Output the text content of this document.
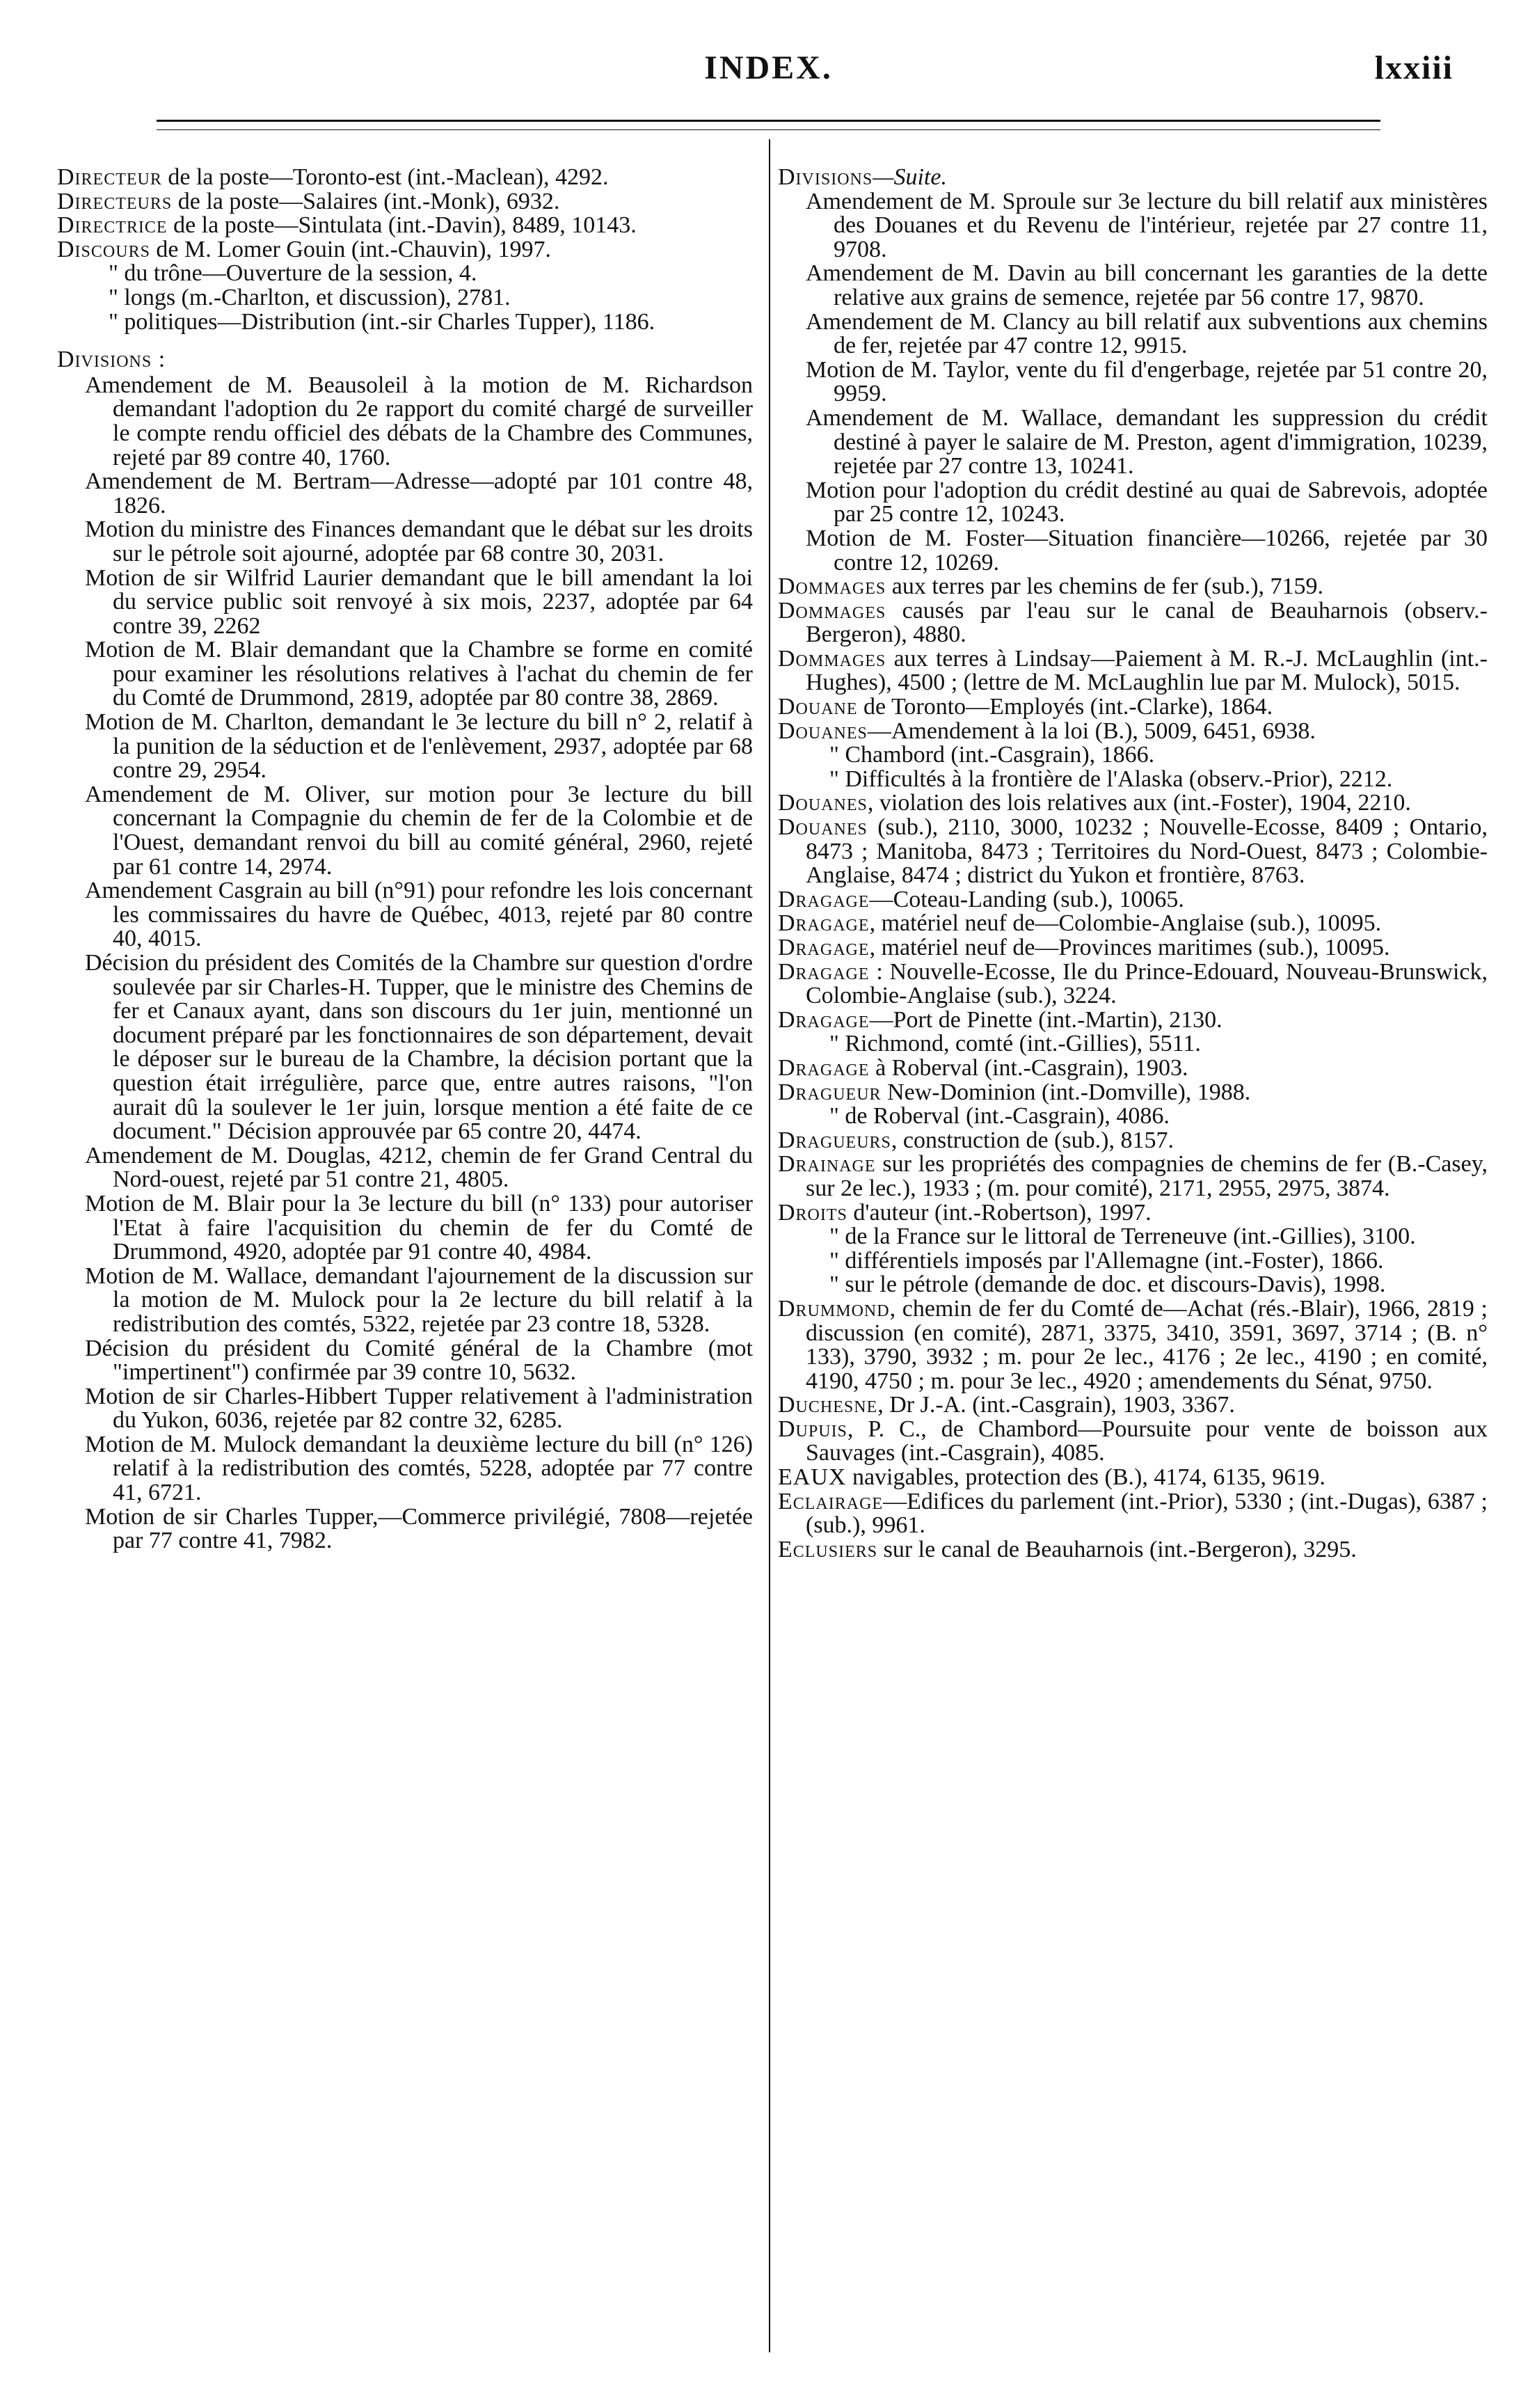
INDEX.	lxxiii
Directeur de la poste—Toronto-est (int.-Maclean), 4292.
Directeurs de la poste—Salaires (int.-Monk), 6932.
Directrice de la poste—Sintulata (int.-Davin), 8489, 10143.
Discours de M. Lomer Gouin (int.-Chauvin), 1997.
" du trône—Ouverture de la session, 4.
" longs (m.-Charlton, et discussion), 2781.
" politiques—Distribution (int.-sir Charles Tupper), 1186.
Divisions :
Amendement de M. Beausoleil à la motion de M. Richardson demandant l'adoption du 2e rapport du comité chargé de surveiller le compte rendu officiel des débats de la Chambre des Communes, rejeté par 89 contre 40, 1760.
Amendement de M. Bertram—Adresse—adopté par 101 contre 48, 1826.
Motion du ministre des Finances demandant que le débat sur les droits sur le pétrole soit ajourné, adoptée par 68 contre 30, 2031.
Motion de sir Wilfrid Laurier demandant que le bill amendant la loi du service public soit renvoyé à six mois, 2237, adoptée par 64 contre 39, 2262
Motion de M. Blair demandant que la Chambre se forme en comité pour examiner les résolutions relatives à l'achat du chemin de fer du Comté de Drummond, 2819, adoptée par 80 contre 38, 2869.
Motion de M. Charlton, demandant le 3e lecture du bill n° 2, relatif à la punition de la séduction et de l'enlèvement, 2937, adoptée par 68 contre 29, 2954.
Amendement de M. Oliver, sur motion pour 3e lecture du bill concernant la Compagnie du chemin de fer de la Colombie et de l'Ouest, demandant renvoi du bill au comité général, 2960, rejeté par 61 contre 14, 2974.
Amendement Casgrain au bill (n°91) pour refondre les lois concernant les commissaires du havre de Québec, 4013, rejeté par 80 contre 40, 4015.
Décision du président des Comités de la Chambre sur question d'ordre soulevée par sir Charles-H. Tupper, que le ministre des Chemins de fer et Canaux ayant, dans son discours du 1er juin, mentionné un document préparé par les fonctionnaires de son département, devait le déposer sur le bureau de la Chambre, la décision portant que la question était irrégulière, parce que, entre autres raisons, "l'on aurait dû la soulever le 1er juin, lorsque mention a été faite de ce document." Décision approuvée par 65 contre 20, 4474.
Amendement de M. Douglas, 4212, chemin de fer Grand Central du Nord-ouest, rejeté par 51 contre 21, 4805.
Motion de M. Blair pour la 3e lecture du bill (n° 133) pour autoriser l'Etat à faire l'acquisition du chemin de fer du Comté de Drummond, 4920, adoptée par 91 contre 40, 4984.
Motion de M. Wallace, demandant l'ajournement de la discussion sur la motion de M. Mulock pour la 2e lecture du bill relatif à la redistribution des comtés, 5322, rejetée par 23 contre 18, 5328.
Décision du président du Comité général de la Chambre (mot "impertinent") confirmée par 39 contre 10, 5632.
Motion de sir Charles-Hibbert Tupper relativement à l'administration du Yukon, 6036, rejetée par 82 contre 32, 6285.
Motion de M. Mulock demandant la deuxième lecture du bill (n° 126) relatif à la redistribution des comtés, 5228, adoptée par 77 contre 41, 6721.
Motion de sir Charles Tupper,—Commerce privilégié, 7808—rejetée par 77 contre 41, 7982.
Divisions—Suite.
Amendement de M. Sproule sur 3e lecture du bill relatif aux ministères des Douanes et du Revenu de l'intérieur, rejetée par 27 contre 11, 9708.
Amendement de M. Davin au bill concernant les garanties de la dette relative aux grains de semence, rejetée par 56 contre 17, 9870.
Amendement de M. Clancy au bill relatif aux subventions aux chemins de fer, rejetée par 47 contre 12, 9915.
Motion de M. Taylor, vente du fil d'engerbage, rejetée par 51 contre 20, 9959.
Amendement de M. Wallace, demandant les suppression du crédit destiné à payer le salaire de M. Preston, agent d'immigration, 10239, rejetée par 27 contre 13, 10241.
Motion pour l'adoption du crédit destiné au quai de Sabrevois, adoptée par 25 contre 12, 10243.
Motion de M. Foster—Situation financière—10266, rejetée par 30 contre 12, 10269.
Dommages aux terres par les chemins de fer (sub.), 7159.
Dommages causés par l'eau sur le canal de Beauharnois (observ.-Bergeron), 4880.
Dommages aux terres à Lindsay—Paiement à M. R.-J. McLaughlin (int.-Hughes), 4500 ; (lettre de M. McLaughlin lue par M. Mulock), 5015.
Douane de Toronto—Employés (int.-Clarke), 1864.
Douanes—Amendement à la loi (B.), 5009, 6451, 6938.
" Chambord (int.-Casgrain), 1866.
" Difficultés à la frontière de l'Alaska (observ.-Prior), 2212.
Douanes, violation des lois relatives aux (int.-Foster), 1904, 2210.
Douanes (sub.), 2110, 3000, 10232 ; Nouvelle-Ecosse, 8409 ; Ontario, 8473 ; Manitoba, 8473 ; Territoires du Nord-Ouest, 8473 ; Colombie-Anglaise, 8474 ; district du Yukon et frontière, 8763.
Dragage—Coteau-Landing (sub.), 10065.
Dragage, matériel neuf de—Colombie-Anglaise (sub.), 10095.
Dragage, matériel neuf de—Provinces maritimes (sub.), 10095.
Dragage : Nouvelle-Ecosse, Ile du Prince-Edouard, Nouveau-Brunswick, Colombie-Anglaise (sub.), 3224.
Dragage—Port de Pinette (int.-Martin), 2130.
" Richmond, comté (int.-Gillies), 5511.
Dragage à Roberval (int.-Casgrain), 1903.
Dragueur New-Dominion (int.-Domville), 1988.
" de Roberval (int.-Casgrain), 4086.
Dragueurs, construction de (sub.), 8157.
Drainage sur les propriétés des compagnies de chemins de fer (B.-Casey, sur 2e lec.), 1933 ; (m. pour comité), 2171, 2955, 2975, 3874.
Droits d'auteur (int.-Robertson), 1997.
" de la France sur le littoral de Terreneuve (int.-Gillies), 3100.
" différentiels imposés par l'Allemagne (int.-Foster), 1866.
" sur le pétrole (demande de doc. et discours-Davis), 1998.
Drummond, chemin de fer du Comté de—Achat (rés.-Blair), 1966, 2819 ; discussion (en comité), 2871, 3375, 3410, 3591, 3697, 3714 ; (B. n° 133), 3790, 3932 ; m. pour 2e lec., 4176 ; 2e lec., 4190 ; en comité, 4190, 4750 ; m. pour 3e lec., 4920 ; amendements du Sénat, 9750.
Duchesne, Dr J.-A. (int.-Casgrain), 1903, 3367.
Dupuis, P. C., de Chambord—Poursuite pour vente de boisson aux Sauvages (int.-Casgrain), 4085.
EAUX navigables, protection des (B.), 4174, 6135, 9619.
Eclairage—Edifices du parlement (int.-Prior), 5330 ; (int.-Dugas), 6387 ; (sub.), 9961.
Eclusiers sur le canal de Beauharnois (int.-Bergeron), 3295.
